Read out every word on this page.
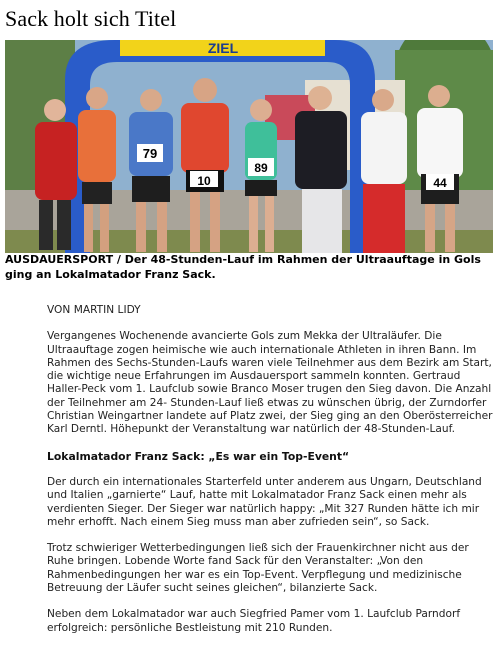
Sack holt sich Titel
ZIEL
79
10
89
44

AUSDAUERSPORT / Der 48-Stunden-Lauf im Rahmen der Ultraauftage in Gols ging an Lokalmatador Franz Sack.

VON MARTIN LIDY

Vergangenes Wochenende avancierte Gols zum Mekka der Ultraläufer. Die Ultraauftage zogen heimische wie auch internationale Athleten in ihren Bann. Im Rahmen des Sechs-Stunden-Laufs waren viele Teilnehmer aus dem Bezirk am Start, die wichtige neue Erfahrungen im Ausdauersport sammeln konnten. Gertraud Haller-Peck vom 1. Laufclub sowie Branco Moser trugen den Sieg davon. Die Anzahl der Teilnehmer am 24- Stunden-Lauf ließ etwas zu wünschen übrig, der Zurndorfer Christian Weingartner landete auf Platz zwei, der Sieg ging an den Oberösterreicher Karl Derntl. Höhepunkt der Veranstaltung war natürlich der 48-Stunden-Lauf.

Lokalmatador Franz Sack: „Es war ein Top-Event“

Der durch ein internationales Starterfeld unter anderem aus Ungarn, Deutschland und Italien „garnierte“ Lauf, hatte mit Lokalmatador Franz Sack einen mehr als verdienten Sieger. Der Sieger war natürlich happy: „Mit 327 Runden hätte ich mir mehr erhofft. Nach einem Sieg muss man aber zufrieden sein“, so Sack.

Trotz schwieriger Wetterbedingungen ließ sich der Frauenkirchner nicht aus der Ruhe bringen. Lobende Worte fand Sack für den Veranstalter: „Von den Rahmenbedingungen her war es ein Top-Event. Verpflegung und medizinische Betreuung der Läufer sucht seines gleichen“, bilanzierte Sack.

Neben dem Lokalmatador war auch Siegfried Pamer vom 1. Laufclub Parndorf erfolgreich: persönliche Bestleistung mit 210 Runden.
